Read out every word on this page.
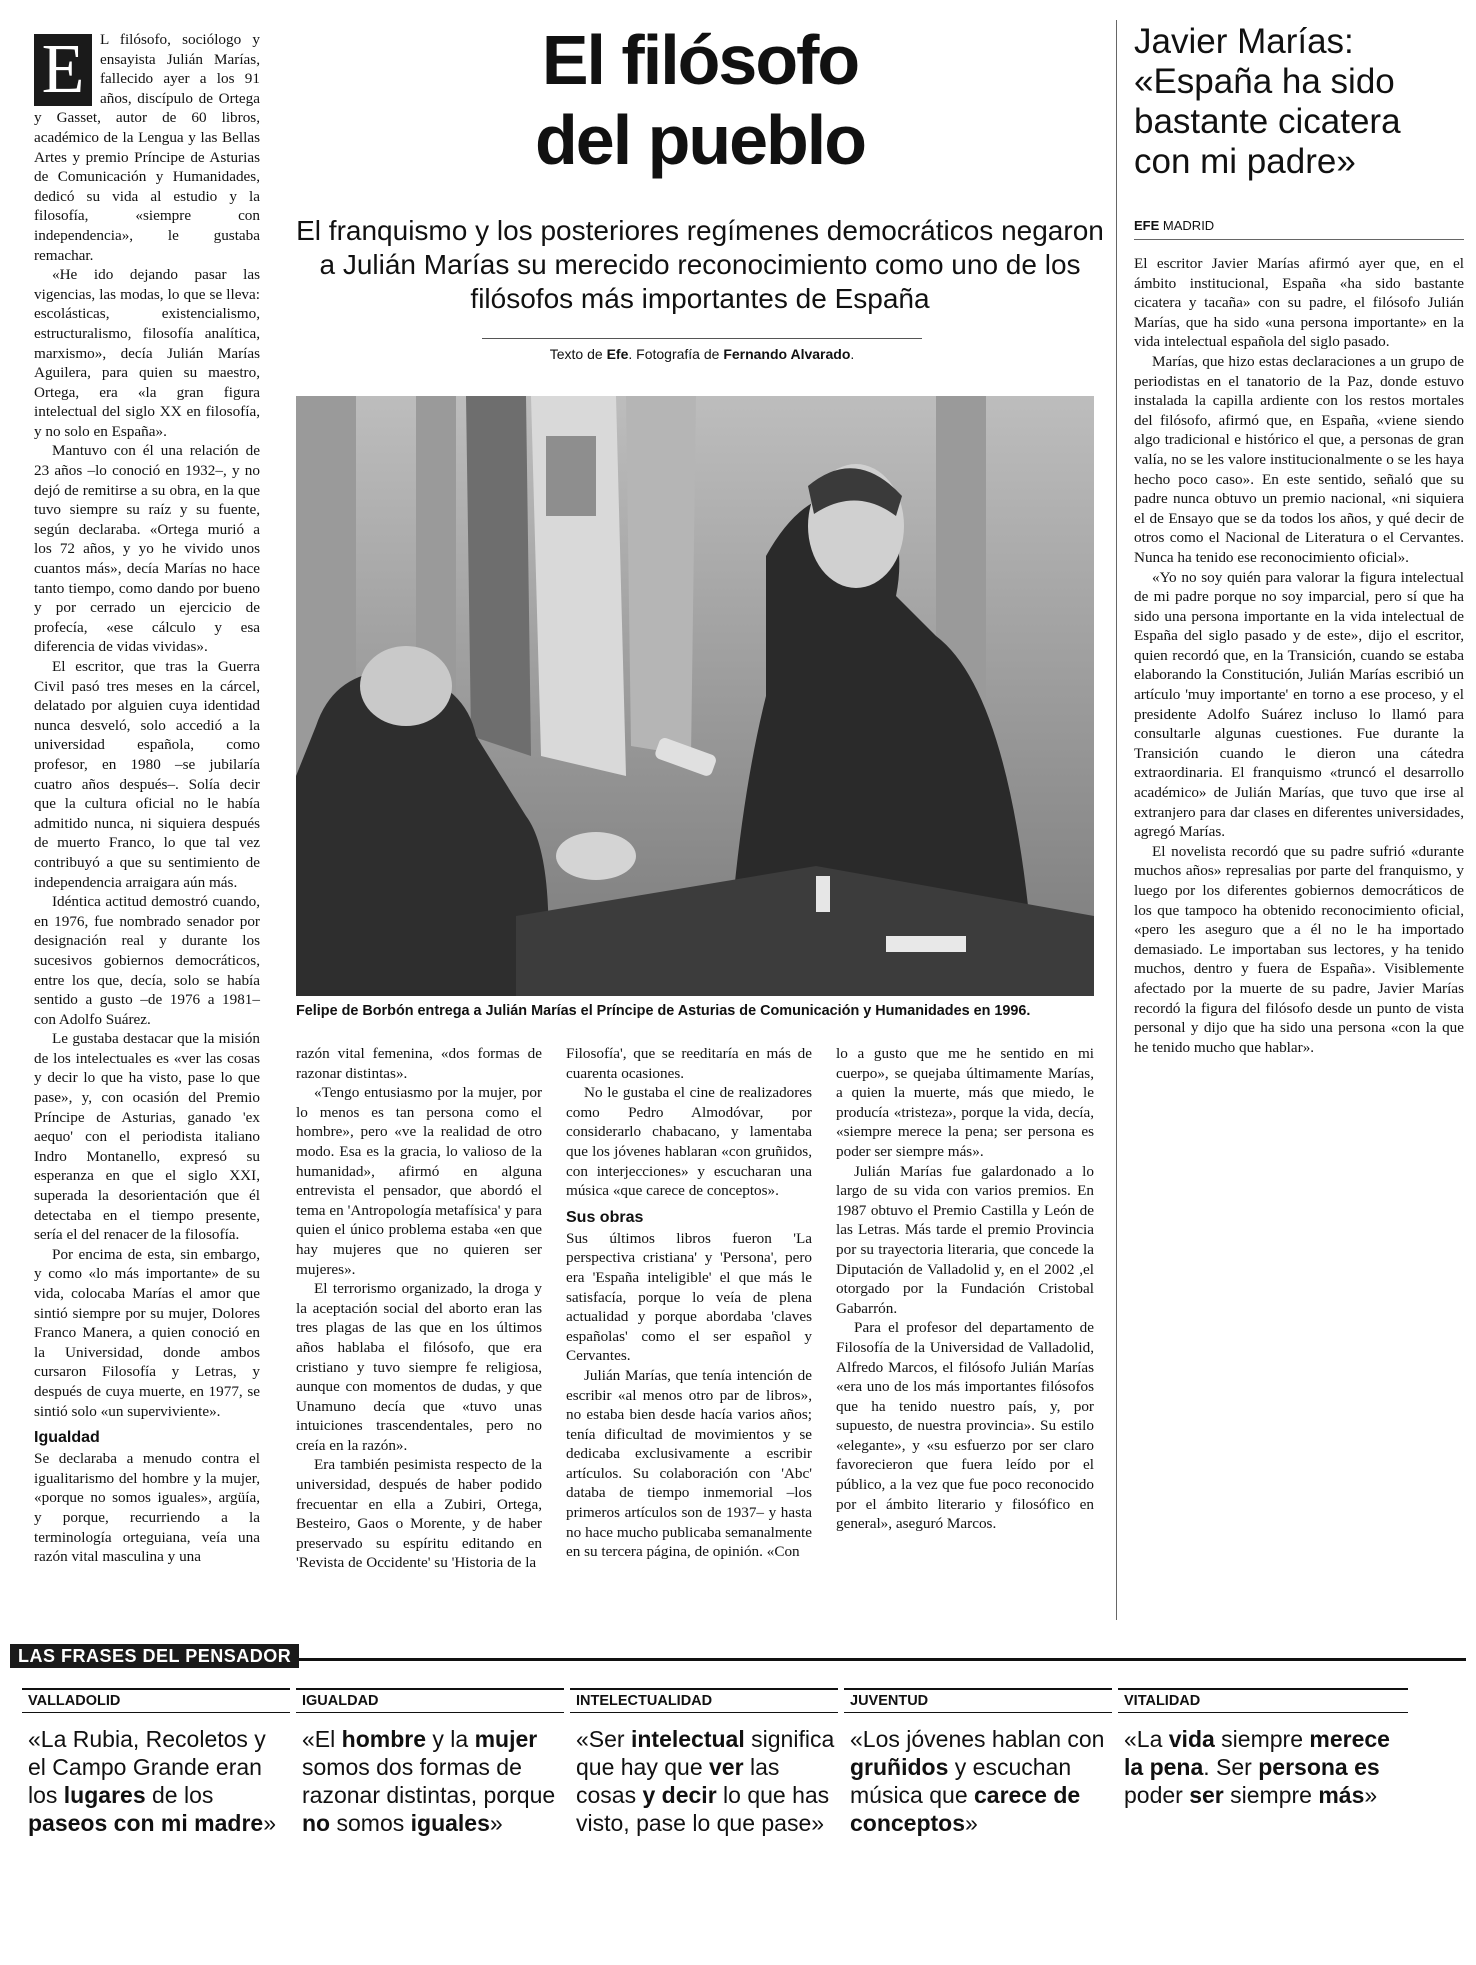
E	L filósofo, sociólogo y ensayista Julián Marías, fallecido ayer a los 91 años, discípulo de Ortega y Gasset, autor de 60 libros, académico de la Lengua y las Bellas Artes y premio Príncipe de Asturias de Comunicación y Humanidades, dedicó su vida al estudio y la filosofía, «siempre con independencia», le gustaba remachar.

«He ido dejando pasar las vigencias, las modas, lo que se lleva: escolásticas, existencialismo, estructuralismo, filosofía analítica, marxismo», decía Julián Marías Aguilera, para quien su maestro, Ortega, era «la gran figura intelectual del siglo XX en filosofía, y no solo en España».

Mantuvo con él una relación de 23 años –lo conoció en 1932–, y no dejó de remitirse a su obra, en la que tuvo siempre su raíz y su fuente, según declaraba. «Ortega murió a los 72 años, y yo he vivido unos cuantos más», decía Marías no hace tanto tiempo, como dando por bueno y por cerrado un ejercicio de profecía, «ese cálculo y esa diferencia de vidas vividas».

El escritor, que tras la Guerra Civil pasó tres meses en la cárcel, delatado por alguien cuya identidad nunca desveló, solo accedió a la universidad española, como profesor, en 1980 –se jubilaría cuatro años después–. Solía decir que la cultura oficial no le había admitido nunca, ni siquiera después de muerto Franco, lo que tal vez contribuyó a que su sentimiento de independencia arraigara aún más.

Idéntica actitud demostró cuando, en 1976, fue nombrado senador por designación real y durante los sucesivos gobiernos democráticos, entre los que, decía, solo se había sentido a gusto –de 1976 a 1981– con Adolfo Suárez.

Le gustaba destacar que la misión de los intelectuales es «ver las cosas y decir lo que ha visto, pase lo que pase», y, con ocasión del Premio Príncipe de Asturias, ganado 'ex aequo' con el periodista italiano Indro Montanello, expresó su esperanza en que el siglo XXI, superada la desorientación que él detectaba en el tiempo presente, sería el del renacer de la filosofía.

Por encima de esta, sin embargo, y como «lo más importante» de su vida, colocaba Marías el amor que sintió siempre por su mujer, Dolores Franco Manera, a quien conoció en la Universidad, donde ambos cursaron Filosofía y Letras, y después de cuya muerte, en 1977, se sintió solo «un superviviente».

Igualdad

Se declaraba a menudo contra el igualitarismo del hombre y la mujer, «porque no somos iguales», argüía, y porque, recurriendo a la terminología orteguiana, veía una razón vital masculina y una

El filósofo
del pueblo
El franquismo y los posteriores regímenes democráticos negaron a Julián Marías su merecido reconocimiento como uno de los filósofos más importantes de España
Texto de Efe. Fotografía de Fernando Alvarado.
Felipe de Borbón entrega a Julián Marías el Príncipe de Asturias de Comunicación y Humanidades en 1996.

razón vital femenina, «dos formas de razonar distintas».

«Tengo entusiasmo por la mujer, por lo menos es tan persona como el hombre», pero «ve la realidad de otro modo. Esa es la gracia, lo valioso de la humanidad», afirmó en alguna entrevista el pensador, que abordó el tema en 'Antropología metafísica' y para quien el único problema estaba «en que hay mujeres que no quieren ser mujeres».

El terrorismo organizado, la droga y la aceptación social del aborto eran las tres plagas de las que en los últimos años hablaba el filósofo, que era cristiano y tuvo siempre fe religiosa, aunque con momentos de dudas, y que Unamuno decía que «tuvo unas intuiciones trascendentales, pero no creía en la razón».

Era también pesimista respecto de la universidad, después de haber podido frecuentar en ella a Zubiri, Ortega, Besteiro, Gaos o Morente, y de haber preservado su espíritu editando en 'Revista de Occidente' su 'Historia de la

Filosofía', que se reeditaría en más de cuarenta ocasiones.

No le gustaba el cine de realizadores como Pedro Almodóvar, por considerarlo chabacano, y lamentaba que los jóvenes hablaran «con gruñidos, con interjecciones» y escucharan una música «que carece de conceptos».

Sus obras

Sus últimos libros fueron 'La perspectiva cristiana' y 'Persona', pero era 'España inteligible' el que más le satisfacía, porque lo veía de plena actualidad y porque abordaba 'claves españolas' como el ser español y Cervantes.

Julián Marías, que tenía intención de escribir «al menos otro par de libros», no estaba bien desde hacía varios años; tenía dificultad de movimientos y se dedicaba exclusivamente a escribir artículos. Su colaboración con 'Abc' databa de tiempo inmemorial –los primeros artículos son de 1937– y hasta no hace mucho publicaba semanalmente en su tercera página, de opinión. «Con

lo a gusto que me he sentido en mi cuerpo», se quejaba últimamente Marías, a quien la muerte, más que miedo, le producía «tristeza», porque la vida, decía, «siempre merece la pena; ser persona es poder ser siempre más».

Julián Marías fue galardonado a lo largo de su vida con varios premios. En 1987 obtuvo el Premio Castilla y León de las Letras. Más tarde el premio Provincia por su trayectoria literaria, que concede la Diputación de Valladolid y, en el 2002 ,el otorgado por la Fundación Cristobal Gabarrón.

Para el profesor del departamento de Filosofía de la Universidad de Valladolid, Alfredo Marcos, el filósofo Julián Marías «era uno de los más importantes filósofos que ha tenido nuestro país, y, por supuesto, de nuestra provincia». Su estilo «elegante», y «su esfuerzo por ser claro favorecieron que fuera leído por el público, a la vez que fue poco reconocido por el ámbito literario y filosófico en general», aseguró Marcos.

Javier Marías: «España ha sido bastante cicatera con mi padre»
EFE MADRID

El escritor Javier Marías afirmó ayer que, en el ámbito institucional, España «ha sido bastante cicatera y tacaña» con su padre, el filósofo Julián Marías, que ha sido «una persona importante» en la vida intelectual española del siglo pasado.

Marías, que hizo estas declaraciones a un grupo de periodistas en el tanatorio de la Paz, donde estuvo instalada la capilla ardiente con los restos mortales del filósofo, afirmó que, en España, «viene siendo algo tradicional e histórico el que, a personas de gran valía, no se les valore institucionalmente o se les haya hecho poco caso». En este sentido, señaló que su padre nunca obtuvo un premio nacional, «ni siquiera el de Ensayo que se da todos los años, y qué decir de otros como el Nacional de Literatura o el Cervantes. Nunca ha tenido ese reconocimiento oficial».

«Yo no soy quién para valorar la figura intelectual de mi padre porque no soy imparcial, pero sí que ha sido una persona importante en la vida intelectual de España del siglo pasado y de este», dijo el escritor, quien recordó que, en la Transición, cuando se estaba elaborando la Constitución, Julián Marías escribió un artículo 'muy importante' en torno a ese proceso, y el presidente Adolfo Suárez incluso lo llamó para consultarle algunas cuestiones. Fue durante la Transición cuando le dieron una cátedra extraordinaria. El franquismo «truncó el desarrollo académico» de Julián Marías, que tuvo que irse al extranjero para dar clases en diferentes universidades, agregó Marías.

El novelista recordó que su padre sufrió «durante muchos años» represalias por parte del franquismo, y luego por los diferentes gobiernos democráticos de los que tampoco ha obtenido reconocimiento oficial, «pero les aseguro que a él no le ha importado demasiado. Le importaban sus lectores, y ha tenido muchos, dentro y fuera de España». Visiblemente afectado por la muerte de su padre, Javier Marías recordó la figura del filósofo desde un punto de vista personal y dijo que ha sido una persona «con la que he tenido mucho que hablar».

LAS FRASES DEL PENSADOR
VALLADOLID
«La Rubia, Recoletos y el Campo Grande eran los lugares de los paseos con mi madre»
IGUALDAD
«El hombre y la mujer somos dos formas de razonar distintas, porque no somos iguales»
INTELECTUALIDAD
«Ser intelectual significa que hay que ver las cosas y decir lo que has visto, pase lo que pase»
JUVENTUD
«Los jóvenes hablan con gruñidos y escuchan música que carece de conceptos»
VITALIDAD
«La vida siempre merece la pena. Ser persona es poder ser siempre más»
